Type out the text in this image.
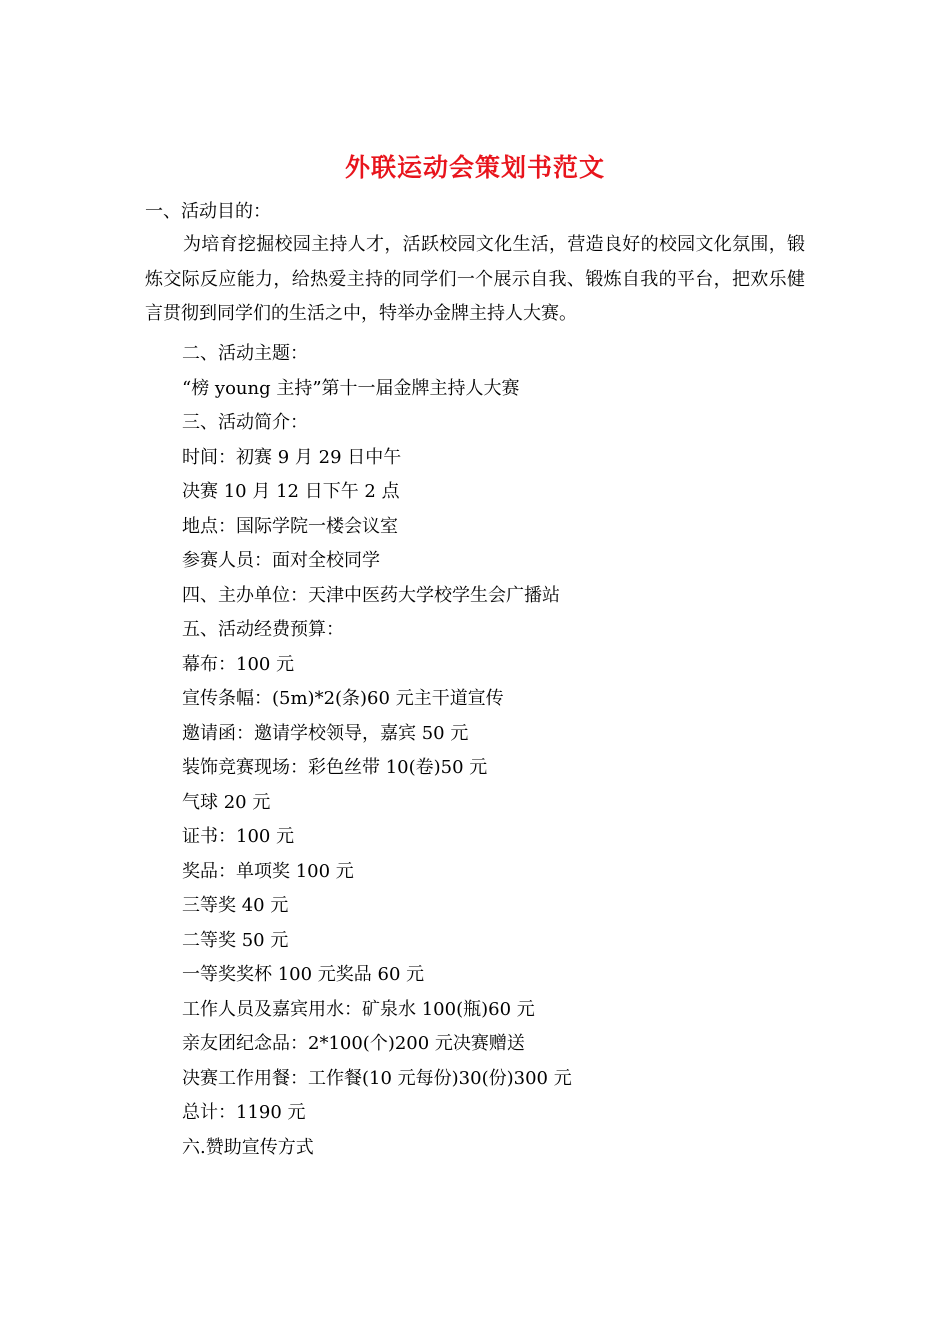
外联运动会策划书范文
一、活动目的：
为培育挖掘校园主持人才，活跃校园文化生活，营造良好的校园文化氛围，锻炼交际反应能力，给热爱主持的同学们一个展示自我、锻炼自我的平台，把欢乐健言贯彻到同学们的生活之中，特举办金牌主持人大赛。
二、活动主题：
“榜 young 主持”第十一届金牌主持人大赛
三、活动简介：
时间：初赛 9 月 29 日中午
决赛 10 月 12 日下午 2 点
地点：国际学院一楼会议室
参赛人员：面对全校同学
四、主办单位：天津中医药大学校学生会广播站
五、活动经费预算：
幕布：100 元
宣传条幅：(5m)*2(条)60 元主干道宣传
邀请函：邀请学校领导，嘉宾 50 元
装饰竞赛现场：彩色丝带 10(卷)50 元
气球 20 元
证书：100 元
奖品：单项奖 100 元
三等奖 40 元
二等奖 50 元
一等奖奖杯 100 元奖品 60 元
工作人员及嘉宾用水：矿泉水 100(瓶)60 元
亲友团纪念品：2*100(个)200 元决赛赠送
决赛工作用餐：工作餐(10 元每份)30(份)300 元
总计：1190 元
六.赞助宣传方式
